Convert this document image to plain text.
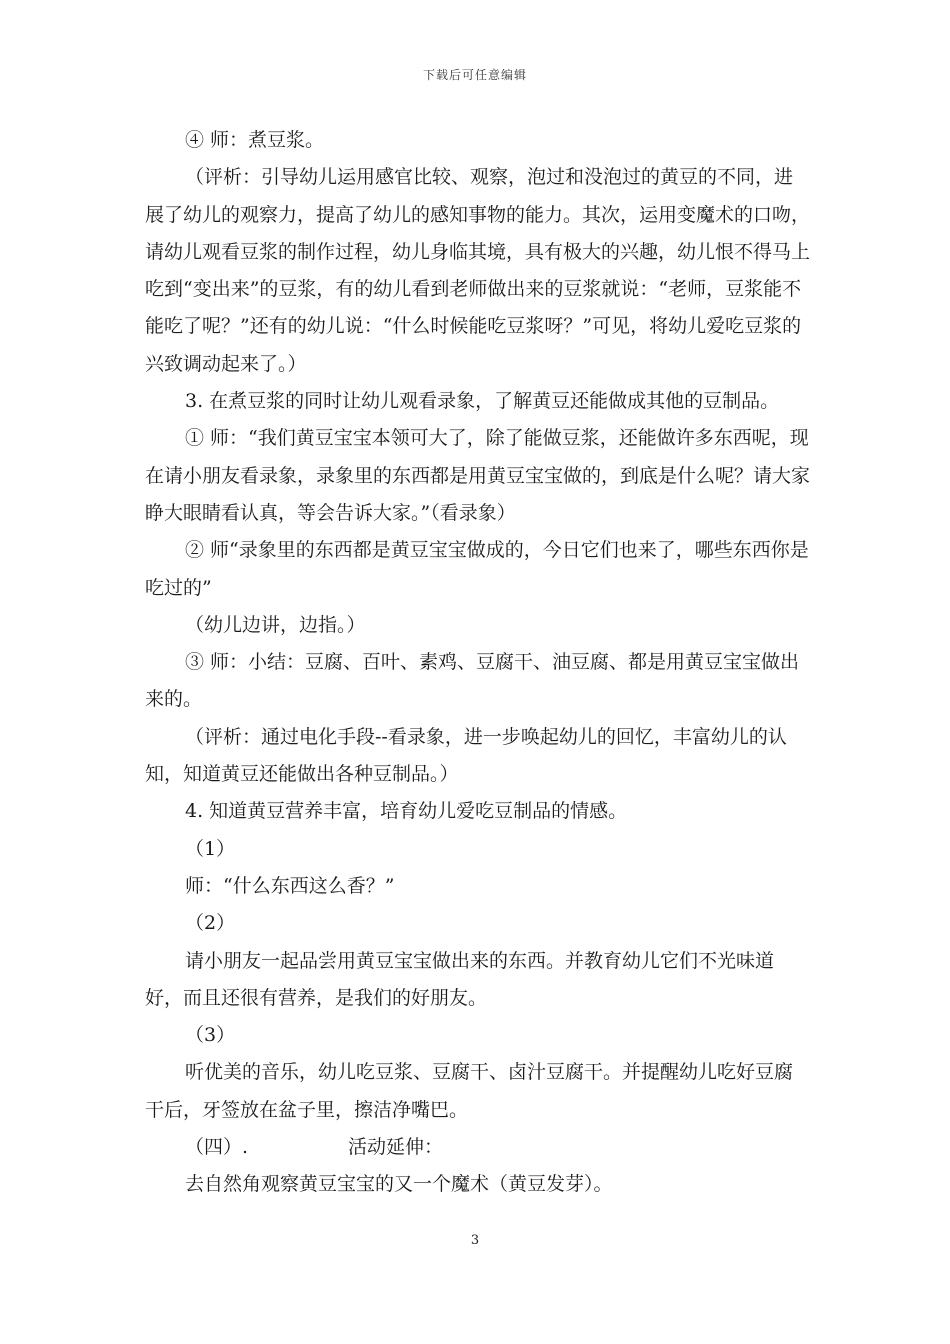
下载后可任意编辑

④ 师：煮豆浆。

（评析：引导幼儿运用感官比较、观察，泡过和没泡过的黄豆的不同，进展了幼儿的观察力，提高了幼儿的感知事物的能力。其次，运用变魔术的口吻，请幼儿观看豆浆的制作过程，幼儿身临其境，具有极大的兴趣，幼儿恨不得马上吃到“变出来”的豆浆，有的幼儿看到老师做出来的豆浆就说：“老师，豆浆能不能吃了呢？”还有的幼儿说：“什么时候能吃豆浆呀？”可见，将幼儿爱吃豆浆的兴致调动起来了。）

3. 在煮豆浆的同时让幼儿观看录象，了解黄豆还能做成其他的豆制品。

① 师：“我们黄豆宝宝本领可大了，除了能做豆浆，还能做许多东西呢，现在请小朋友看录象，录象里的东西都是用黄豆宝宝做的，到底是什么呢？请大家睁大眼睛看认真，等会告诉大家。”（看录象）

② 师“录象里的东西都是黄豆宝宝做成的，今日它们也来了，哪些东西你是吃过的”

（幼儿边讲，边指。）

③ 师：小结：豆腐、百叶、素鸡、豆腐干、油豆腐、都是用黄豆宝宝做出来的。

（评析：通过电化手段--看录象，进一步唤起幼儿的回忆，丰富幼儿的认知，知道黄豆还能做出各种豆制品。）

4. 知道黄豆营养丰富，培育幼儿爱吃豆制品的情感。

（1）

师：“什么东西这么香？”

（2）

请小朋友一起品尝用黄豆宝宝做出来的东西。并教育幼儿它们不光味道好，而且还很有营养，是我们的好朋友。

（3）

听优美的音乐，幼儿吃豆浆、豆腐干、卤汁豆腐干。并提醒幼儿吃好豆腐干后，牙签放在盆子里，擦洁净嘴巴。

（四）.	活动延伸：

去自然角观察黄豆宝宝的又一个魔术（黄豆发芽）。

3
